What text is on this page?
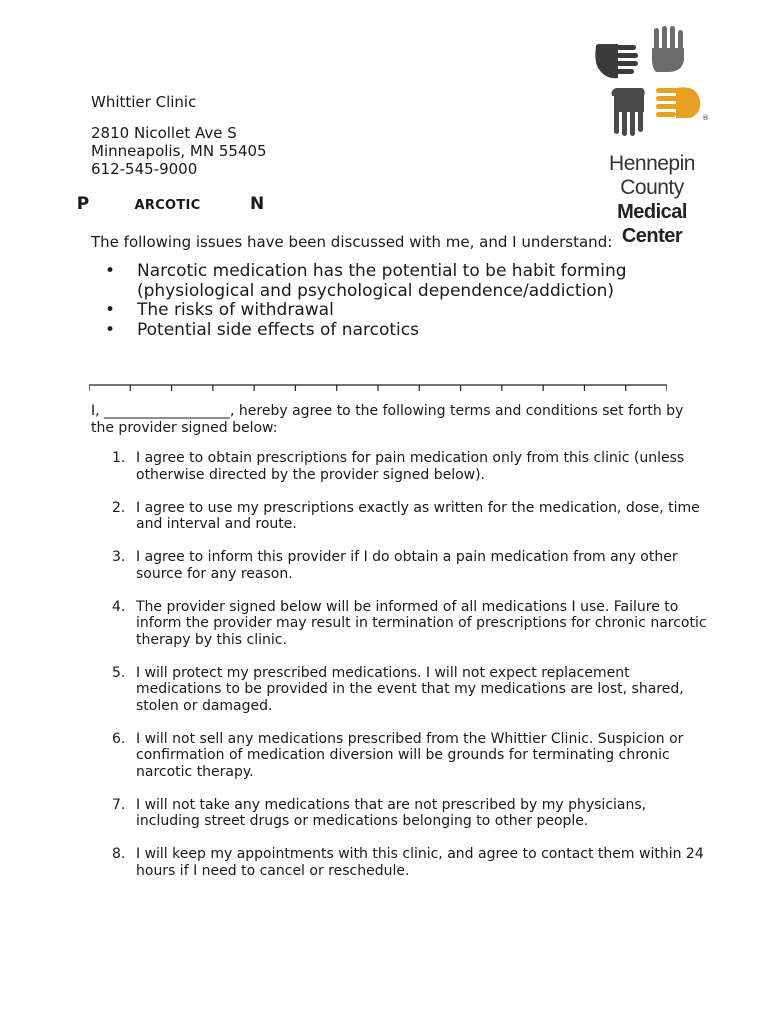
Whittier Clinic
2810 Nicollet Ave S
Minneapolis, MN 55405
612-545-9000
®
Hennepin County
Medical Center
NARCOTIC P
The following issues have been discussed with me, and I understand:
• Narcotic medication has the potential to be habit forming (physiological and psychological dependence/addiction)
• The risks of withdrawal
• Potential side effects of narcotics
I, __________________, hereby agree to the following terms and conditions set forth by the provider signed below:
1. I agree to obtain prescriptions for pain medication only from this clinic (unless otherwise directed by the provider signed below).
2. I agree to use my prescriptions exactly as written for the medication, dose, time and interval and route.
3. I agree to inform this provider if I do obtain a pain medication from any other source for any reason.
4. The provider signed below will be informed of all medications I use. Failure to inform the provider may result in termination of prescriptions for chronic narcotic therapy by this clinic.
5. I will protect my prescribed medications. I will not expect replacement medications to be provided in the event that my medications are lost, shared, stolen or damaged.
6. I will not sell any medications prescribed from the Whittier Clinic. Suspicion or confirmation of medication diversion will be grounds for terminating chronic narcotic therapy.
7. I will not take any medications that are not prescribed by my physicians, including street drugs or medications belonging to other people.
8. I will keep my appointments with this clinic, and agree to contact them within 24 hours if I need to cancel or reschedule.
